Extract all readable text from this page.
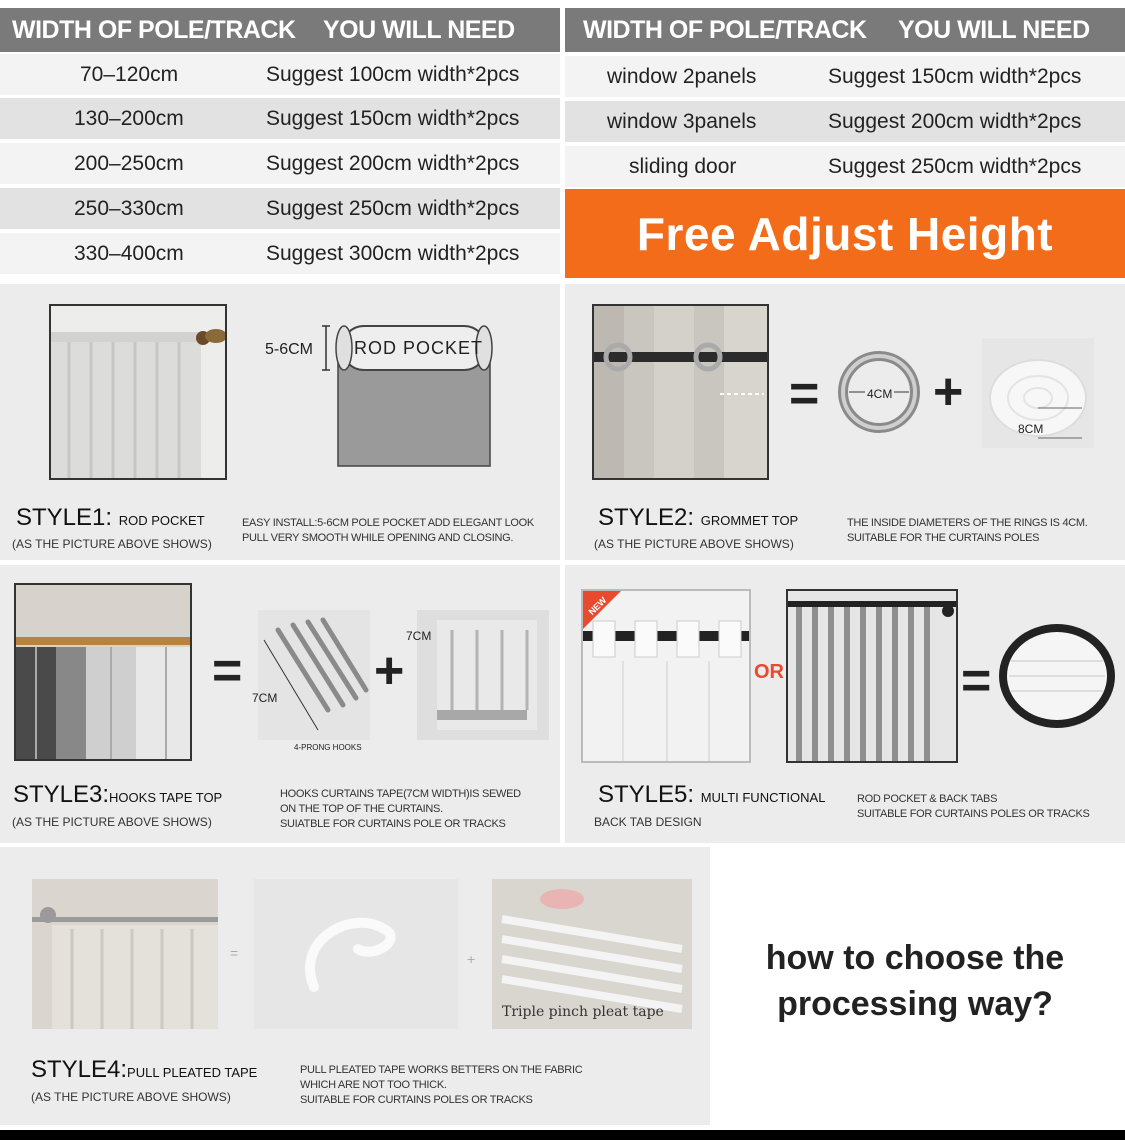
WIDTH OF POLE/TRACK YOU WILL NEED
70–120cm	Suggest 100cm width*2pcs
130–200cm	Suggest 150cm width*2pcs
200–250cm	Suggest 200cm width*2pcs
250–330cm	Suggest 250cm width*2pcs
330–400cm	Suggest 300cm width*2pcs
WIDTH OF POLE/TRACK YOU WILL NEED
window 2panels	Suggest 150cm width*2pcs
window 3panels	Suggest 200cm width*2pcs
sliding door	Suggest 250cm width*2pcs
Free Adjust Height
5-6CM ROD POCKET
STYLE1: ROD POCKET
(AS THE PICTURE ABOVE SHOWS)
EASY INSTALL:5-6CM POLE POCKET ADD ELEGANT LOOK
PULL VERY SMOOTH WHILE OPENING AND CLOSING.
=	4CM +
8CM
STYLE2: GROMMET TOP
(AS THE PICTURE ABOVE SHOWS)
THE INSIDE DIAMETERS OF THE RINGS IS 4CM.
SUITABLE FOR THE CURTAINS POLES
= 7CM
4-PRONG HOOKS
+
7CM
STYLE3:HOOKS TAPE TOP
(AS THE PICTURE ABOVE SHOWS)
HOOKS CURTAINS TAPE(7CM WIDTH)IS SEWED
ON THE TOP OF THE CURTAINS.
SUIATBLE FOR CURTAINS POLE OR TRACKS
NEW
OR	=
STYLE5: MULTI FUNCTIONAL
BACK TAB DESIGN
ROD POCKET & BACK TABS
SUITABLE FOR CURTAINS POLES OR TRACKS
=	+
Triple pinch pleat tape
STYLE4:PULL PLEATED TAPE
(AS THE PICTURE ABOVE SHOWS)
PULL PLEATED TAPE WORKS BETTERS ON THE FABRIC
WHICH ARE NOT TOO THICK.
SUITABLE FOR CURTAINS POLES OR TRACKS
how to choose the
processing way?
